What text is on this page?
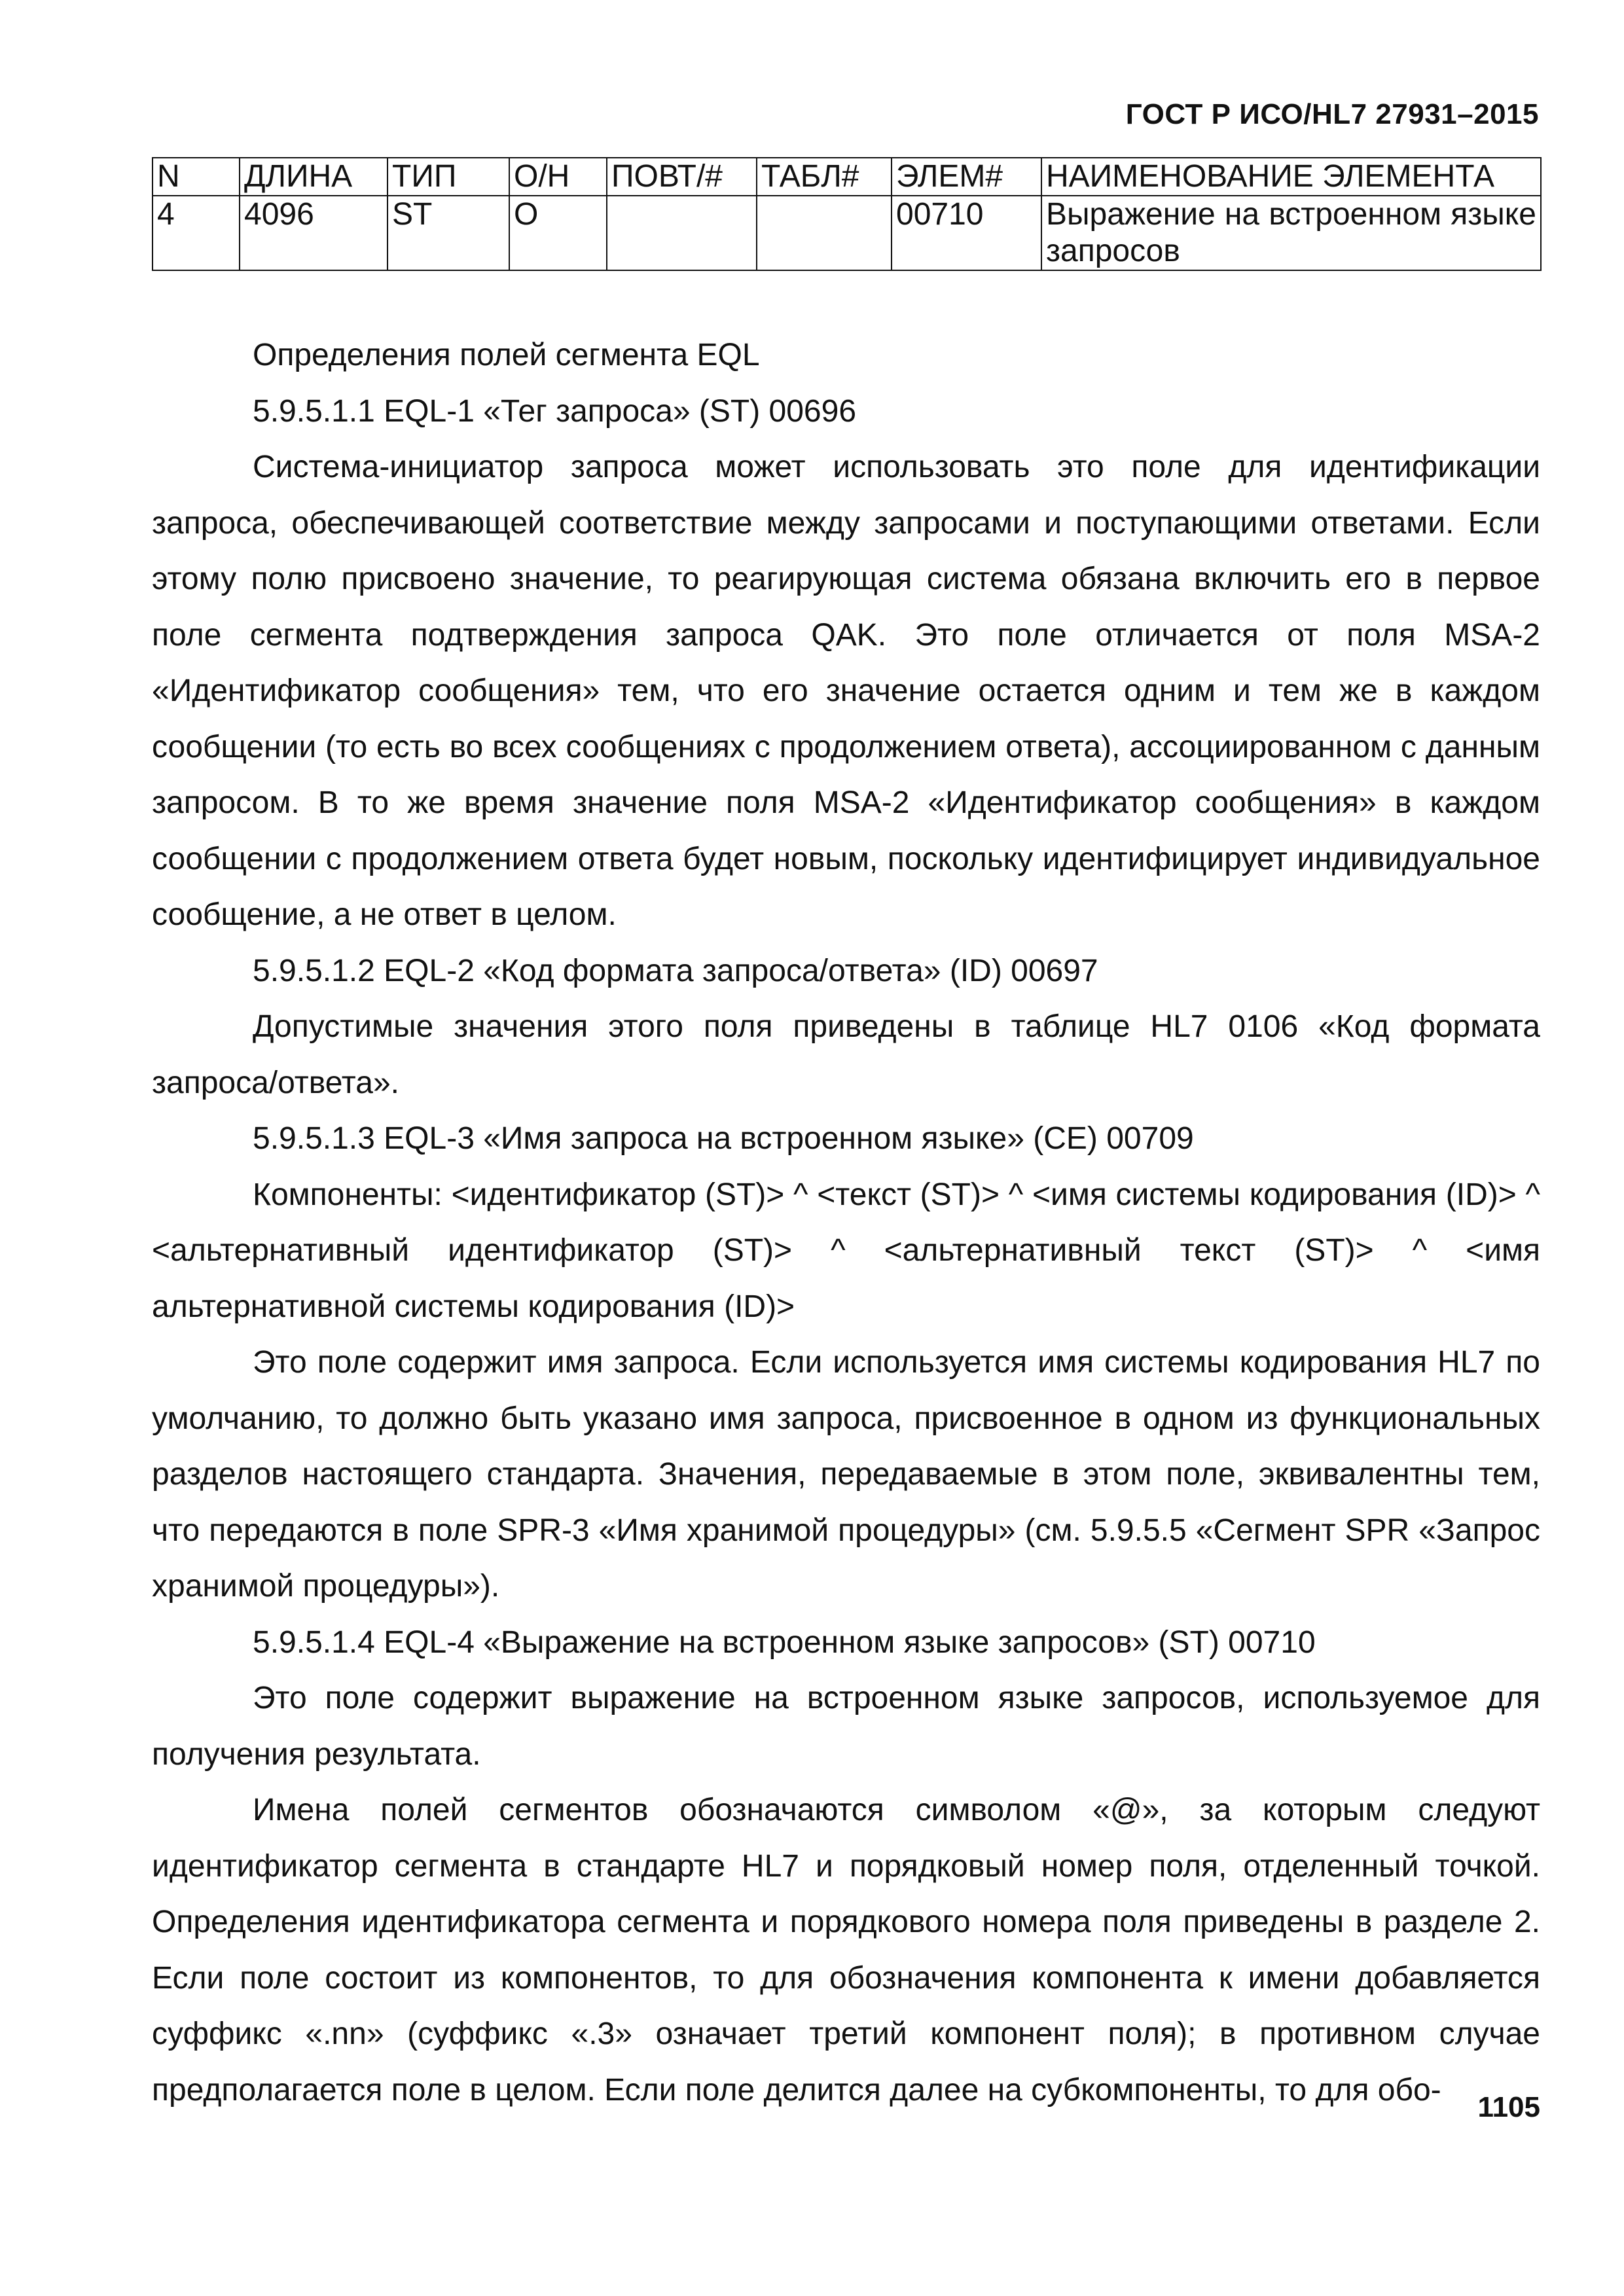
ГОСТ Р ИСО/HL7 27931–2015
N	ДЛИНА	ТИП	О/Н	ПОВТ/#	ТАБЛ#	ЭЛЕМ#	НАИМЕНОВАНИЕ ЭЛЕМЕНТА
4	4096	ST	O			00710	Выражение на встроенном языке запросов

Определения полей сегмента EQL

5.9.5.1.1 EQL-1 «Тег запроса» (ST) 00696

Система-инициатор запроса может использовать это поле для идентификации запроса, обеспечивающей соответствие между запросами и поступающими ответами. Если этому полю присвоено значение, то реагирующая система обязана включить его в первое поле сегмента подтверждения запроса QAK. Это поле отличается от поля MSA-2 «Идентификатор сообщения» тем, что его значение остается одним и тем же в каждом сообщении (то есть во всех сообщениях с продолжением ответа), ассоциированном с данным запросом. В то же время значение поля MSA-2 «Идентификатор сообщения» в каждом сообщении с продолжением ответа будет новым, поскольку идентифицирует индивидуальное сообщение, а не ответ в целом.

5.9.5.1.2 EQL-2 «Код формата запроса/ответа» (ID) 00697

Допустимые значения этого поля приведены в таблице HL7 0106 «Код формата запроса/ответа».

5.9.5.1.3 EQL-3 «Имя запроса на встроенном языке» (CE) 00709

Компоненты: <идентификатор (ST)> ^ <текст (ST)> ^ <имя системы кодирования (ID)> ^ <альтернативный идентификатор (ST)> ^ <альтернативный текст (ST)> ^ <имя альтернативной системы кодирования (ID)>

Это поле содержит имя запроса. Если используется имя системы кодирования HL7 по умолчанию, то должно быть указано имя запроса, присвоенное в одном из функциональных разделов настоящего стандарта. Значения, передаваемые в этом поле, эквивалентны тем, что передаются в поле SPR-3 «Имя хранимой процедуры» (см. 5.9.5.5 «Сегмент SPR «Запрос хранимой процедуры»).

5.9.5.1.4 EQL-4 «Выражение на встроенном языке запросов» (ST) 00710

Это поле содержит выражение на встроенном языке запросов, используемое для получения результата.

Имена полей сегментов обозначаются символом «@», за которым следуют идентификатор сегмента в стандарте HL7 и порядковый номер поля, отделенный точкой. Определения идентификатора сегмента и порядкового номера поля приведены в разделе 2. Если поле состоит из компонентов, то для обозначения компонента к имени добавляется суффикс «.nn» (суффикс «.3» означает третий компонент поля); в противном случае предполагается поле в целом. Если поле делится далее на субкомпоненты, то для обо-	1105
